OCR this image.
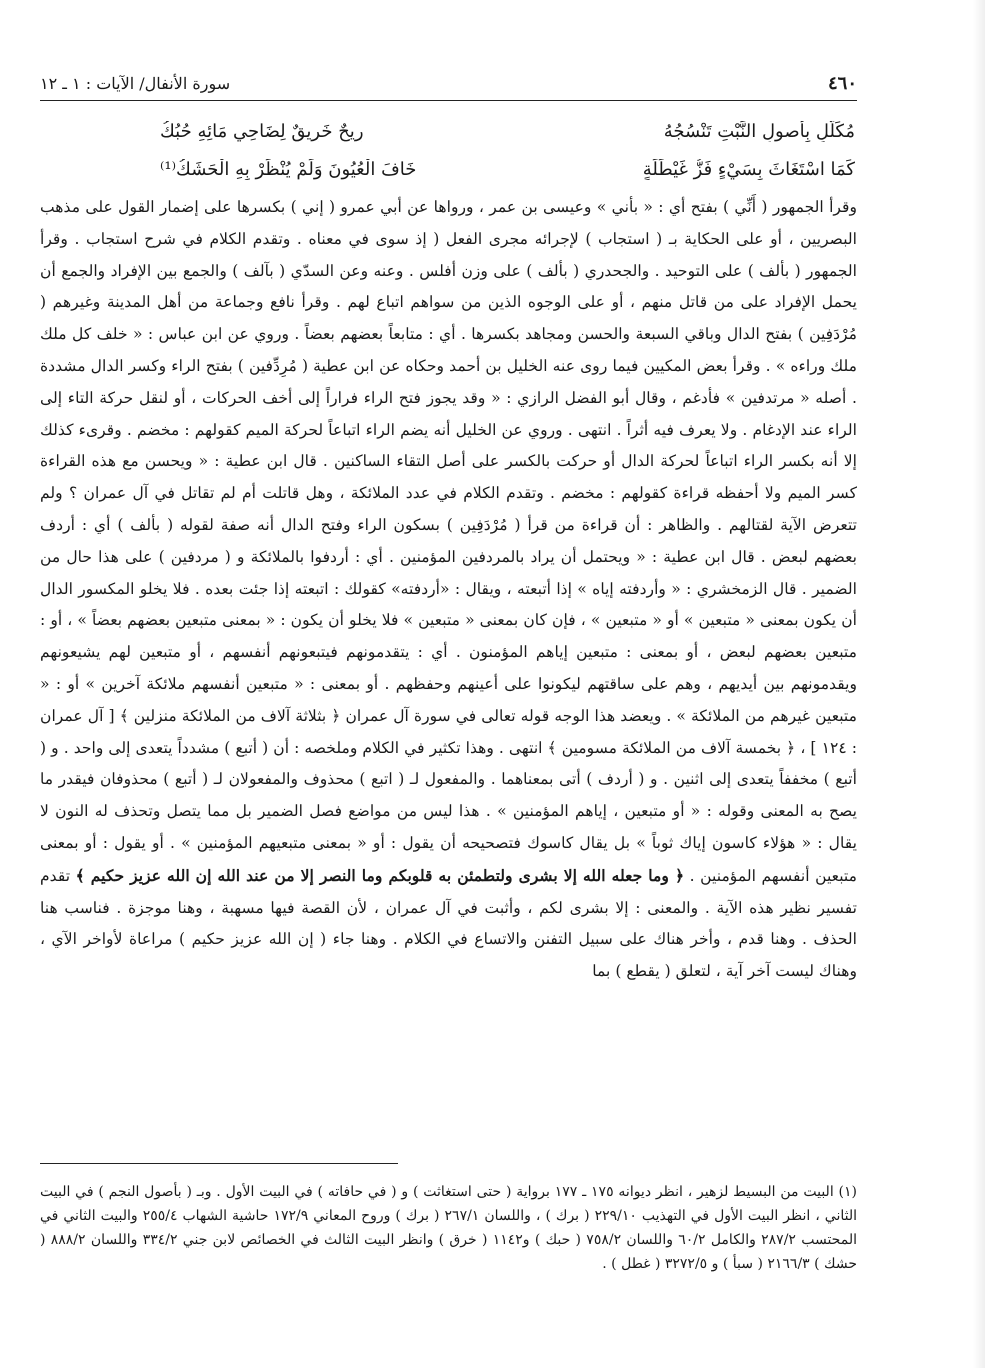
٤٦٠
سورة الأنفال/ الآيات : ١ ـ ١٢
مُكَلَّلٍ بِأُصولِ النَّبْتِ تَنْسُجُهُ
رِيحٌ خَرِيقٌ لِضَاحِي مَائِهِ حُبُكُ
كَمَا اسْتَغَاثَ بِسَيْءٍ فَزُّ غَيْطَلَةٍ
خَافَ الْعُيُونَ وَلَمْ يُنْظَرْ بِهِ الْحَشَكُ⁽¹⁾

وقرأ الجمهور ( أَنِّي ) بفتح أي : « بأني » وعيسى بن عمر ، ورواها عن أبي عمرو ( إني ) بكسرها على إضمار القول على مذهب البصريين ، أو على الحكاية بـ ( استجاب ) لإجرائه مجرى الفعل ( إذ سوى في معناه . وتقدم الكلام في شرح استجاب . وقرأ الجمهور ( بألف ) على التوحيد . والجحدري ( بألف ) على وزن أفلس . وعنه وعن السدّي ( بآلف ) والجمع بين الإفراد والجمع أن يحمل الإفراد على من قاتل منهم ، أو على الوجوه الذين من سواهم اتباع لهم . وقرأ نافع وجماعة من أهل المدينة وغيرهم ( مُرْدَفِين ) بفتح الدال وباقي السبعة والحسن ومجاهد بكسرها . أي : متابعاً بعضهم بعضاً . وروي عن ابن عباس : « خلف كل ملك ملك وراءه » . وقرأ بعض المكيين فيما روى عنه الخليل بن أحمد وحكاه عن ابن عطية ( مُرِدِّفين ) بفتح الراء وكسر الدال مشددة . أصله « مرتدفين » فأدغم ، وقال أبو الفضل الرازي : « وقد يجوز فتح الراء فراراً إلى أخف الحركات ، أو لنقل حركة التاء إلى الراء عند الإدغام . ولا يعرف فيه أثراً . انتهى . وروي عن الخليل أنه يضم الراء اتباعاً لحركة الميم كقولهم : مخضم . وقرىء كذلك إلا أنه بكسر الراء اتباعاً لحركة الدال أو حركت بالكسر على أصل التقاء الساكنين . قال ابن عطية : « ويحسن مع هذه القراءة كسر الميم ولا أحفظه قراءة كقولهم : مخضم . وتقدم الكلام في عدد الملائكة ، وهل قاتلت أم لم تقاتل في آل عمران ؟ ولم تتعرض الآية لقتالهم . والظاهر : أن قراءة من قرأ ( مُرْدَفِين ) بسكون الراء وفتح الدال أنه صفة لقوله ( بألف ) أي : أردف بعضهم لبعض . قال ابن عطية : « ويحتمل أن يراد بالمردفين المؤمنين . أي : أردفوا بالملائكة و ( مردفين ) على هذا حال من الضمير . قال الزمخشري : « وأردفته إياه » إذا أتبعته ، ويقال : «أردفته» كقولك : اتبعته إذا جئت بعده . فلا يخلو المكسور الدال أن يكون بمعنى « متبعين » أو « متبعين » ، فإن كان بمعنى « متبعين » فلا يخلو أن يكون : « بمعنى متبعين بعضهم بعضاً » ، أو : متبعين بعضهم لبعض ، أو بمعنى : متبعين إياهم المؤمنون . أي : يتقدمونهم فيتبعونهم أنفسهم ، أو متبعين لهم يشيعونهم ويقدمونهم بين أيديهم ، وهم على ساقتهم ليكونوا على أعينهم وحفظهم . أو بمعنى : « متبعين أنفسهم ملائكة آخرين » أو : « متبعين غيرهم من الملائكة » . ويعضد هذا الوجه قوله تعالى في سورة آل عمران ﴿ بثلاثة آلاف من الملائكة منزلين ﴾ [ آل عمران : ١٢٤ ] ، ﴿ بخمسة آلاف من الملائكة مسومين ﴾ انتهى . وهذا تكثير في الكلام وملخصه : أن ( أتبع ) مشدداً يتعدى إلى واحد . و ( أتبع ) مخففاً يتعدى إلى اثنين . و ( أردف ) أتى بمعناهما . والمفعول لـ ( اتبع ) محذوف والمفعولان لـ ( أتبع ) محذوفان فيقدر ما يصح به المعنى وقوله : « أو متبعين ، إياهم المؤمنين » . هذا ليس من مواضع فصل الضمير بل مما يتصل وتحذف له النون لا يقال : « هؤلاء كاسون إياك ثوباً » بل يقال كاسوك فتصحيحه أن يقول : أو « بمعنى متبعيهم المؤمنين » . أو يقول : أو بمعنى متبعين أنفسهم المؤمنين . ﴿ وما جعله الله إلا بشرى ولتطمئن به قلوبكم وما النصر إلا من عند الله إن الله عزيز حكيم ﴾ تقدم تفسير نظير هذه الآية . والمعنى : إلا بشرى لكم ، وأثبت في آل عمران ، لأن القصة فيها مسهبة ، وهنا موجزة . فناسب هنا الحذف . وهنا قدم ، وأخر هناك على سبيل التفنن والاتساع في الكلام . وهنا جاء ( إن الله عزيز حكيم ) مراعاة لأواخر الآي ، وهناك ليست آخر آية ، لتعلق ( يقطع ) بما

(١) البيت من البسيط لزهير ، انظر ديوانه ١٧٥ ـ ١٧٧ برواية ( حتى استغاثت ) و ( في حافاته ) في البيت الأول . وبـ ( بأصول النجم ) في البيت الثاني ، انظر البيت الأول في التهذيب ٢٢٩/١٠ ( برك ) ، واللسان ٢٦٧/١ ( برك ) وروح المعاني ١٧٢/٩ حاشية الشهاب ٢٥٥/٤ والبيت الثاني في المحتسب ٢٨٧/٢ والكامل ٦٠/٢ واللسان ٧٥٨/٢ ( حبك ) و١١٤٢ ( خرق ) وانظر البيت الثالث في الخصائص لابن جني ٣٣٤/٢ واللسان ٨٨٨/٢ ( حشك ) ٢١٦٦/٣ ( سبأ ) و ٣٢٧٢/٥ ( غطل ) .
